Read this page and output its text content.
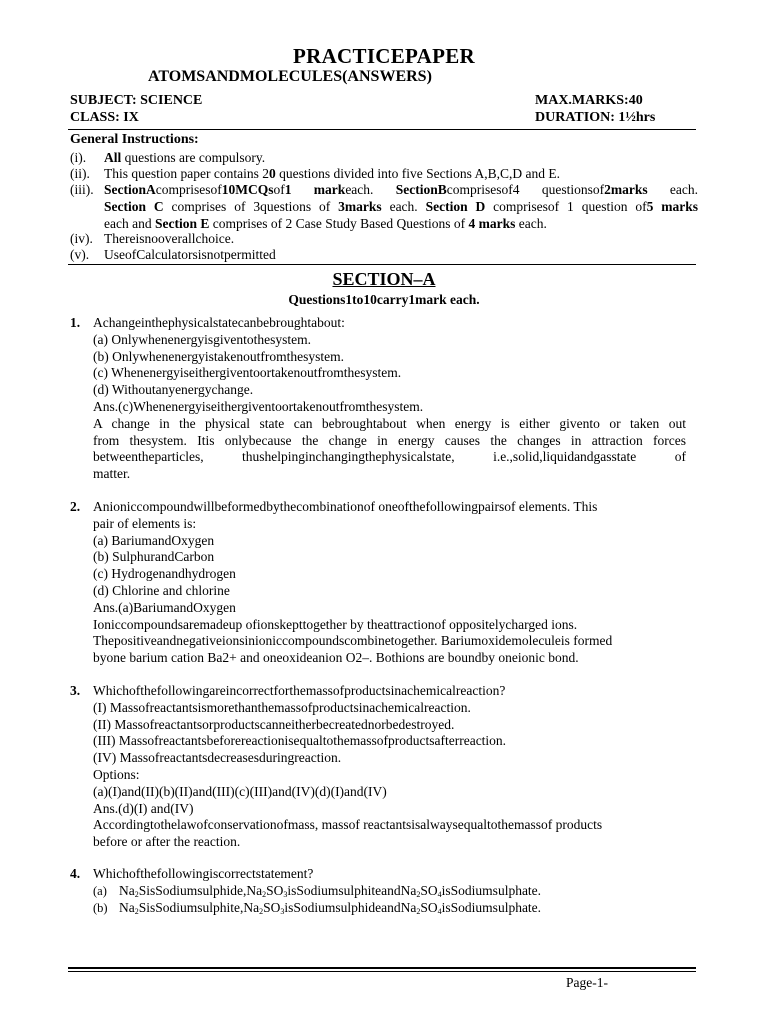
PRACTICEPAPER
ATOMSANDMOLECULES(ANSWERS)
SUBJECT: SCIENCE
CLASS: IX
MAX.MARKS:40
DURATION: 1½hrs
General Instructions:
(i).	All questions are compulsory.
(ii).	This question paper contains 20 questions divided into five Sections A,B,C,D and E.
(iii). SectionAcomprisesof10MCQsof1 markeach. SectionBcomprisesof4 questionsof2marks each.
Section C comprises of 3questions of 3marks each. Section D comprisesof 1 question of5 marks
each and Section E comprises of 2 Case Study Based Questions of 4 marks each.
(iv). Thereisnooverallchoice.
(v).	UseofCalculatorsisnotpermitted
SECTION–A
Questions1to10carry1mark each.
1. Achangeinthephysicalstatecanbebroughtabout:
(a) Onlywhenenergyisgiventothesystem.
(b) Onlywhenenergyistakenoutfromthesystem.
(c) Whenenergyiseithergiventoortakenoutfromthesystem.
(d) Withoutanyenergychange.
Ans.(c)Whenenergyiseithergiventoortakenoutfromthesystem.
A change in the physical state can bebroughtabout when energy is either givento or taken out
from thesystem. Itis onlybecause the change in energy causes the changes in attraction forces
betweentheparticles,   thushelpinginchangingthephysicalstate,   i.e.,solid,liquidandgasstate   of
matter.
2. Anioniccompoundwillbeformedbythecombinationof oneofthefollowingpairsof elements. This
pair of elements is:
(a) BariumandOxygen
(b) SulphurandCarbon
(c) Hydrogenandhydrogen
(d) Chlorine and chlorine
Ans.(a)BariumandOxygen
Ioniccompoundsaremadeup ofionskepttogether by theattractionof oppositelycharged ions.
Thepositiveandnegativeionsinioniccompoundscombinetogether. Bariumoxidemoleculeis formed
byone barium cation Ba2+ and oneoxideanion O2–. Bothions are boundby oneionic bond.
3. Whichofthefollowingareincorrectforthemassofproductsinachemicalreaction?
(I) Massofreactantsismorethanthemassofproductsinachemicalreaction.
(II) Massofreactantsorproductscanneitherbecreatednorbedestroyed.
(III) Massofreactantsbeforereactionisequaltothemassofproductsafterreaction.
(IV) Massofreactantsdecreasesduringreaction.
Options:
(a)(I)and(II)(b)(II)and(III)(c)(III)and(IV)(d)(I)and(IV)
Ans.(d)(I) and(IV)
Accordingtothelawofconservationofmass, massof reactantsisalwaysequaltothemassof products
before or after the reaction.
4. Whichofthefollowingiscorrectstatement?
(a) $Na_2SisSodiumsulphide,Na_2SO_3isSodiumsulphiteandNa_2SO_4isSodiumsulphate$.
(b) $Na_2SisSodiumsulphite,Na_2SO_3isSodiumsulphideandNa_2SO_4isSodiumsulphate$.
Page-1-
